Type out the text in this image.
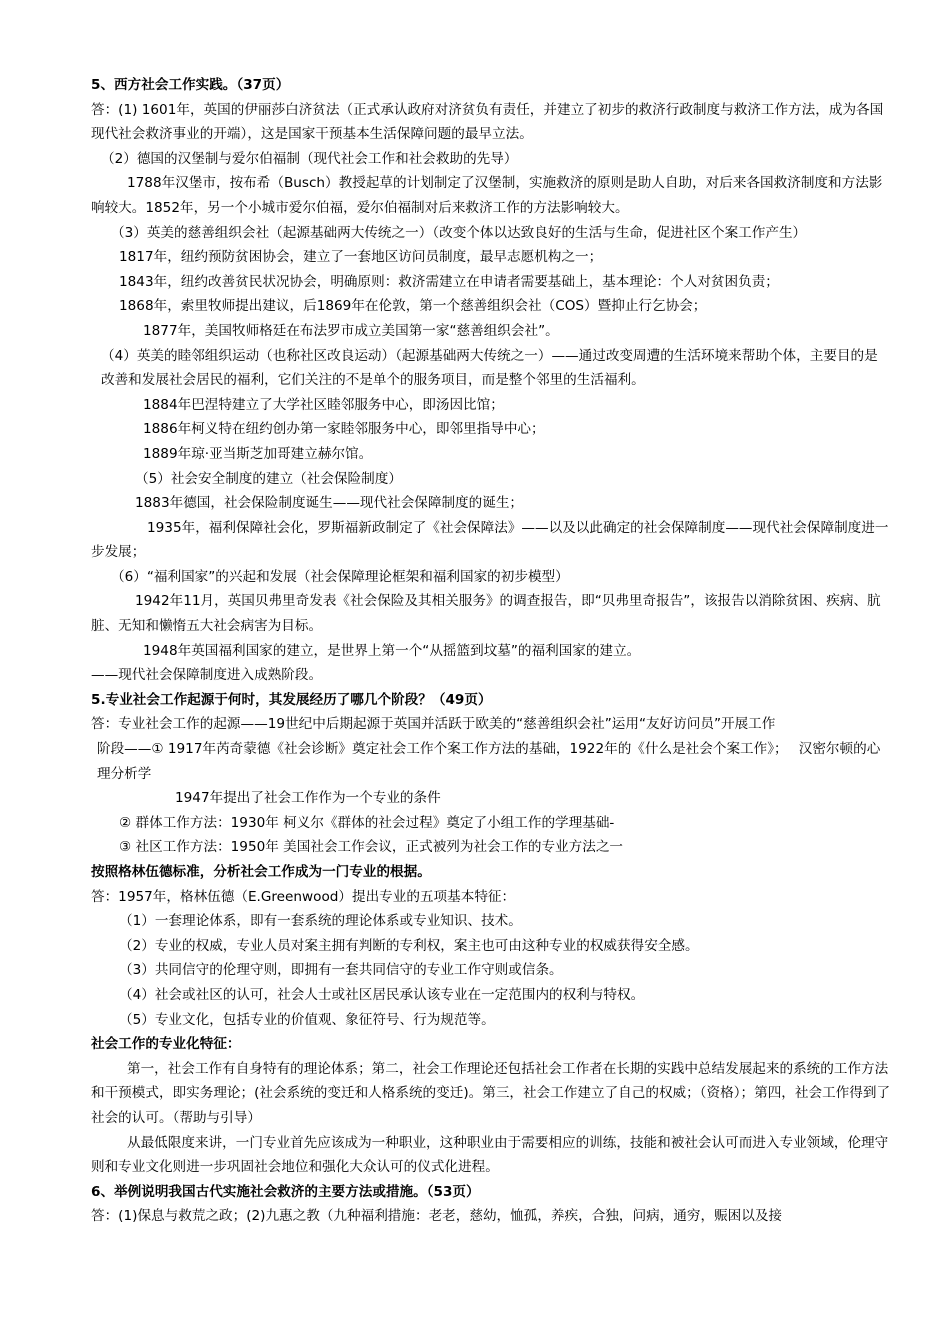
5、西方社会工作实践。（37页）

答：(1) 1601年，英国的伊丽莎白济贫法（正式承认政府对济贫负有责任，并建立了初步的救济行政制度与救济工作方法，成为各国现代社会救济事业的开端），这是国家干预基本生活保障问题的最早立法。

（2）德国的汉堡制与爱尔伯福制（现代社会工作和社会救助的先导）

1788年汉堡市，按布希（Busch）教授起草的计划制定了汉堡制，实施救济的原则是助人自助，对后来各国救济制度和方法影响较大。1852年，另一个小城市爱尔伯福，爱尔伯福制对后来救济工作的方法影响较大。

（3）英美的慈善组织会社（起源基础两大传统之一）（改变个体以达致良好的生活与生命，促进社区个案工作产生）

1817年，纽约预防贫困协会，建立了一套地区访问员制度，最早志愿机构之一；

1843年，纽约改善贫民状况协会，明确原则：救济需建立在申请者需要基础上，基本理论：个人对贫困负责；

1868年，索里牧师提出建议，后1869年在伦敦，第一个慈善组织会社（COS）暨抑止行乞协会；

1877年，美国牧师格廷在布法罗市成立美国第一家“慈善组织会社”。

（4）英美的睦邻组织运动（也称社区改良运动）（起源基础两大传统之一）——通过改变周遭的生活环境来帮助个体，主要目的是改善和发展社会居民的福利，它们关注的不是单个的服务项目，而是整个邻里的生活福利。

1884年巴涅特建立了大学社区睦邻服务中心，即汤因比馆；

1886年柯义特在纽约创办第一家睦邻服务中心，即邻里指导中心；

1889年琼·亚当斯芝加哥建立赫尔馆。

（5）社会安全制度的建立（社会保险制度）

1883年德国，社会保险制度诞生——现代社会保障制度的诞生；

1935年，福利保障社会化，罗斯福新政制定了《社会保障法》——以及以此确定的社会保障制度——现代社会保障制度进一步发展；

（6）“福利国家”的兴起和发展（社会保障理论框架和福利国家的初步模型）

1942年11月，英国贝弗里奇发表《社会保险及其相关服务》的调查报告，即“贝弗里奇报告”，该报告以消除贫困、疾病、肮脏、无知和懒惰五大社会病害为目标。

1948年英国福利国家的建立，是世界上第一个“从摇篮到坟墓”的福利国家的建立。

——现代社会保障制度进入成熟阶段。

5.专业社会工作起源于何时，其发展经历了哪几个阶段？（49页）

答：专业社会工作的起源——19世纪中后期起源于英国并活跃于欧美的“慈善组织会社”运用“友好访问员”开展工作

阶段——① 1917年芮奇蒙德《社会诊断》奠定社会工作个案工作方法的基础，1922年的《什么是社会个案工作》；　 汉密尔顿的心理分析学

1947年提出了社会工作作为一个专业的条件

② 群体工作方法：1930年 柯义尔《群体的社会过程》奠定了小组工作的学理基础-

③ 社区工作方法：1950年 美国社会工作会议，正式被列为社会工作的专业方法之一

按照格林伍德标准，分析社会工作成为一门专业的根据。

答：1957年，格林伍德（E.Greenwood）提出专业的五项基本特征：

（1）一套理论体系，即有一套系统的理论体系或专业知识、技术。

（2）专业的权威，专业人员对案主拥有判断的专利权，案主也可由这种专业的权威获得安全感。

（3）共同信守的伦理守则，即拥有一套共同信守的专业工作守则或信条。

（4）社会或社区的认可，社会人士或社区居民承认该专业在一定范围内的权利与特权。

（5）专业文化，包括专业的价值观、象征符号、行为规范等。

社会工作的专业化特征：

第一，社会工作有自身特有的理论体系；第二，社会工作理论还包括社会工作者在长期的实践中总结发展起来的系统的工作方法和干预模式，即实务理论；(社会系统的变迁和人格系统的变迁)。第三，社会工作建立了自己的权威；（资格）；第四，社会工作得到了社会的认可。（帮助与引导）

从最低限度来讲，一门专业首先应该成为一种职业，这种职业由于需要相应的训练，技能和被社会认可而进入专业领域，伦理守则和专业文化则进一步巩固社会地位和强化大众认可的仪式化进程。

6、举例说明我国古代实施社会救济的主要方法或措施。（53页）

答：(1)保息与救荒之政；(2)九惠之教（九种福利措施：老老，慈幼，恤孤，养疾，合独，问病，通穷，赈困以及接
